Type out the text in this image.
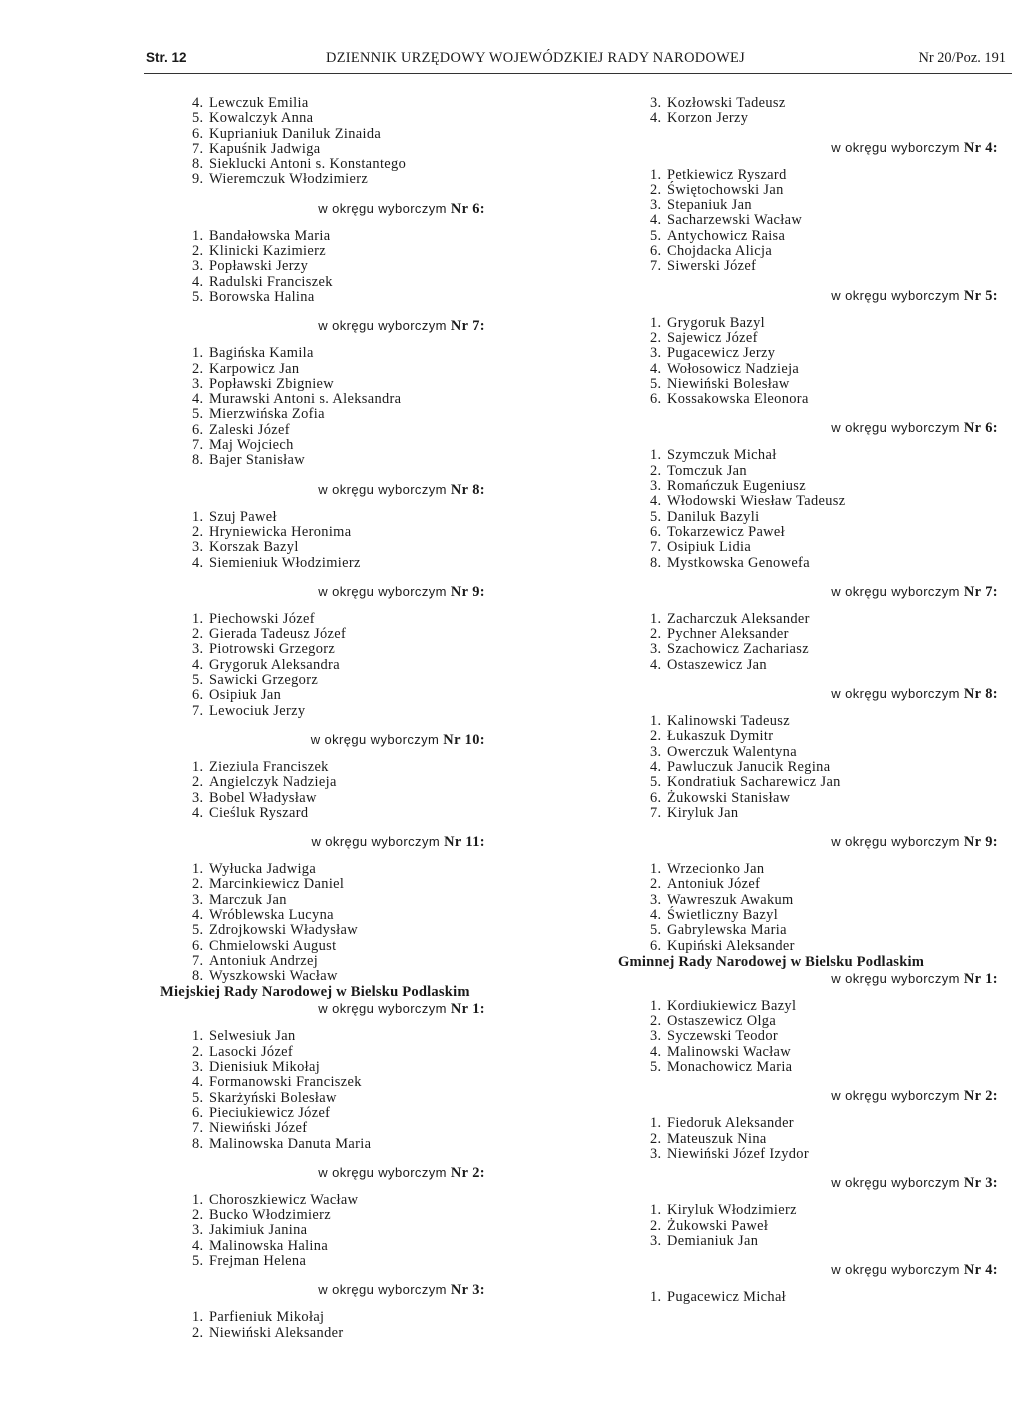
Str. 12	DZIENNIK URZĘDOWY WOJEWÓDZKIEJ RADY NARODOWEJ	Nr 20/Poz. 191
4. Lewczuk Emilia
5. Kowalczyk Anna
6. Kuprianiuk Daniluk Zinaida
7. Kapuśnik Jadwiga
8. Sieklucki Antoni s. Konstantego
9. Wieremczuk Włodzimierz
w okręgu wyborczym Nr 6:
1. Bandałowska Maria
2. Klinicki Kazimierz
3. Popławski Jerzy
4. Radulski Franciszek
5. Borowska Halina
w okręgu wyborczym Nr 7:
1. Bagińska Kamila
2. Karpowicz Jan
3. Popławski Zbigniew
4. Murawski Antoni s. Aleksandra
5. Mierzwińska Zofia
6. Zaleski Józef
7. Maj Wojciech
8. Bajer Stanisław
w okręgu wyborczym Nr 8:
1. Szuj Paweł
2. Hryniewicka Heronima
3. Korszak Bazyl
4. Siemieniuk Włodzimierz
w okręgu wyborczym Nr 9:
1. Piechowski Józef
2. Gierada Tadeusz Józef
3. Piotrowski Grzegorz
4. Grygoruk Aleksandra
5. Sawicki Grzegorz
6. Osipiuk Jan
7. Lewociuk Jerzy
w okręgu wyborczym Nr 10:
1. Zieziula Franciszek
2. Angielczyk Nadzieja
3. Bobel Władysław
4. Cieśluk Ryszard
w okręgu wyborczym Nr 11:
1. Wyłucka Jadwiga
2. Marcinkiewicz Daniel
3. Marczuk Jan
4. Wróblewska Lucyna
5. Zdrojkowski Władysław
6. Chmielowski August
7. Antoniuk Andrzej
8. Wyszkowski Wacław
Miejskiej Rady Narodowej w Bielsku Podlaskim
w okręgu wyborczym Nr 1:
1. Selwesiuk Jan
2. Lasocki Józef
3. Dienisiuk Mikołaj
4. Formanowski Franciszek
5. Skarżyński Bolesław
6. Pieciukiewicz Józef
7. Niewiński Józef
8. Malinowska Danuta Maria
w okręgu wyborczym Nr 2:
1. Choroszkiewicz Wacław
2. Bucko Włodzimierz
3. Jakimiuk Janina
4. Malinowska Halina
5. Frejman Helena
w okręgu wyborczym Nr 3:
1. Parfieniuk Mikołaj
2. Niewiński Aleksander
3. Kozłowski Tadeusz
4. Korzon Jerzy
w okręgu wyborczym Nr 4:
1. Petkiewicz Ryszard
2. Świętochowski Jan
3. Stepaniuk Jan
4. Sacharzewski Wacław
5. Antychowicz Raisa
6. Chojdacka Alicja
7. Siwerski Józef
w okręgu wyborczym Nr 5:
1. Grygoruk Bazyl
2. Sajewicz Józef
3. Pugacewicz Jerzy
4. Wołosowicz Nadzieja
5. Niewiński Bolesław
6. Kossakowska Eleonora
w okręgu wyborczym Nr 6:
1. Szymczuk Michał
2. Tomczuk Jan
3. Romańczuk Eugeniusz
4. Włodowski Wiesław Tadeusz
5. Daniluk Bazyli
6. Tokarzewicz Paweł
7. Osipiuk Lidia
8. Mystkowska Genowefa
w okręgu wyborczym Nr 7:
1. Zacharczuk Aleksander
2. Pychner Aleksander
3. Szachowicz Zachariasz
4. Ostaszewicz Jan
w okręgu wyborczym Nr 8:
1. Kalinowski Tadeusz
2. Łukaszuk Dymitr
3. Owerczuk Walentyna
4. Pawluczuk Janucik Regina
5. Kondratiuk Sacharewicz Jan
6. Żukowski Stanisław
7. Kiryluk Jan
w okręgu wyborczym Nr 9:
1. Wrzecionko Jan
2. Antoniuk Józef
3. Wawreszuk Awakum
4. Świetliczny Bazyl
5. Gabrylewska Maria
6. Kupiński Aleksander
Gminnej Rady Narodowej w Bielsku Podlaskim
w okręgu wyborczym Nr 1:
1. Kordiukiewicz Bazyl
2. Ostaszewicz Olga
3. Syczewski Teodor
4. Malinowski Wacław
5. Monachowicz Maria
w okręgu wyborczym Nr 2:
1. Fiedoruk Aleksander
2. Mateuszuk Nina
3. Niewiński Józef Izydor
w okręgu wyborczym Nr 3:
1. Kiryluk Włodzimierz
2. Żukowski Paweł
3. Demianiuk Jan
w okręgu wyborczym Nr 4:
1. Pugacewicz Michał
